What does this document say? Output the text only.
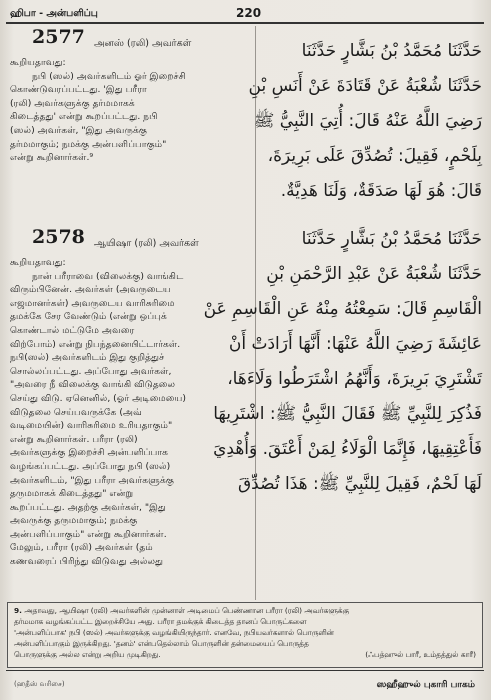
ஹிபா - அன்பளிப்பு	220
2577 அனஸ் (ரலி) அவர்கள்
கூறியதாவது:
நபி (ஸல்) அவர்களிடம் ஓர் இறைச்சி
கொண்டுவரப்பட்டது. 'இது பரீரா
(ரலி) அவர்களுக்கு தர்மமாகக்
கிடைத்தது' என்று கூறப்பட்டது. நபி
(ஸல்) அவர்கள், "இது அவருக்கு
தர்மமாகும்; நமக்கு அன்பளிப்பாகும்"
என்று கூறினார்கள்.⁹
2578 ஆயிஷா (ரலி) அவர்கள்
கூறியதாவது:
நான் பரீராவை (விலைக்கு) வாங்கிட
விரும்பினேன். அவர்கள் (அவருடைய
எஜமானர்கள்) அவருடைய வாரிசுரிமை
தமக்கே சேர வேண்டும் (என்று ஒப்புக்
கொண்டால் மட்டுமே அவரை
விற்போம்) என்று நிபந்தனையிட்டார்கள்.
நபி(ஸல்) அவர்களிடம் இது குறித்துச்
சொல்லப்பட்டது. அப்போது அவர்கள்,
"அவரை நீ விலைக்கு வாங்கி விடுதலை
செய்து விடு. ஏனெனில், (ஓர் அடிமையை)
விடுதலை செய்பவருக்கே (அவ்
வடிமையின்) வாரிசுரிமை உரியதாகும்"
என்று கூறினார்கள். பரீரா (ரலி)
அவர்களுக்கு இறைச்சி அன்பளிப்பாக
வழங்கப்பட்டது. அப்போது நபி (ஸல்)
அவர்களிடம், "இது பரீரா அவர்களுக்கு
தருமமாகக் கிடைத்தது" என்று
கூறப்பட்டது. அதற்கு அவர்கள், "இது
அவருக்கு தருமமாகும்; நமக்கு
அன்பளிப்பாகும்" என்று கூறினார்கள்.
மேலும், பரீரா (ரலி) அவர்கள் (தம்
கணவரைப் பிரிந்து விடுவது அல்லது
حَدَّثَنَا مُحَمَّدُ بْنُ بَشَّارٍ حَدَّثَنَا
حَدَّثَنَا شُعْبَةُ عَنْ قَتَادَةَ عَنْ أَنَسِ بْنِ
رَضِيَ اللَّهُ عَنْهُ قَالَ: أُتِيَ النَّبِيُّ ﷺ
بِلَحْمٍ، فَقِيلَ: تُصُدِّقَ عَلَى بَرِيرَةَ،
قَالَ: هُوَ لَهَا صَدَقَةٌ، وَلَنَا هَدِيَّةٌ.
حَدَّثَنَا مُحَمَّدُ بْنُ بَشَّارٍ حَدَّثَنَا
حَدَّثَنَا شُعْبَةُ عَنْ عَبْدِ الرَّحْمَنِ بْنِ
الْقَاسِمِ قَالَ: سَمِعْتُهُ مِنْهُ عَنِ الْقَاسِمِ عَنْ
عَائِشَةَ رَضِيَ اللَّهُ عَنْهَا: أَنَّهَا أَرَادَتْ أَنْ
تَشْتَرِيَ بَرِيرَةَ، وَأَنَّهُمُ اشْتَرَطُوا وَلَاءَهَا،
فَذُكِرَ لِلنَّبِيِّ ﷺ فَقَالَ النَّبِيُّ ﷺ: اشْتَرِيهَا
فَأَعْتِقِيهَا، فَإِنَّمَا الْوَلَاءُ لِمَنْ أَعْتَقَ. وَأُهْدِيَ
لَهَا لَحْمٌ، فَقِيلَ لِلنَّبِيِّ ﷺ: هَذَا تُصُدِّقَ
9. அதாவது, ஆயிஷா (ரலி) அவர்களின் முன்னாள் அடிமைப் பெண்ணான பரீரா (ரலி) அவர்களுக்கு
தர்மமாக வழங்கப்பட்ட இறைச்சியே அது. பரீரா தமக்குக் கிடைத்த தானப் பொருட்களை
'அன்பளிப்பாக' நபி (ஸல்) அவர்களுக்கு வழங்கியிருந்தார். எனவே, நபியவர்களால் பொருளின்
அன்பளிப்பாகும் இருக்கிறது. 'தனம்' என்பதெல்லாம் பொருளின் தன்மையைப் பொருத்த
பொருளுக்கு அல்ல என்று அறிய முடிகிறது.	(ஃபத்ஹுல் பாரீ, உம்தத்துல் காரீ)
(ஹதீஸ் வரிசை)	ஸஹீஹுல் புகாரி பாகம்
